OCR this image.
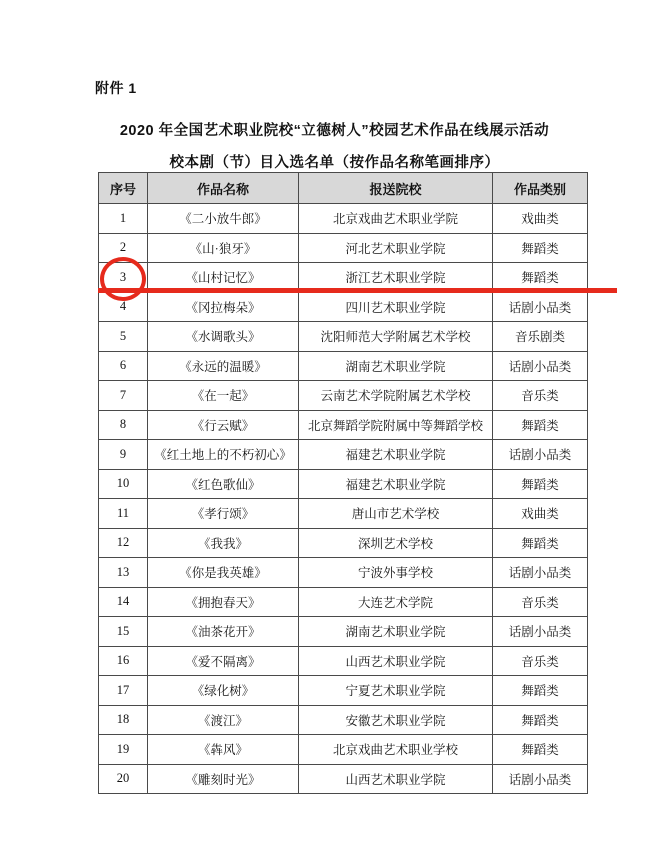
附件 1
2020 年全国艺术职业院校“立德树人”校园艺术作品在线展示活动
校本剧（节）目入选名单（按作品名称笔画排序）
序号	作品名称	报送院校	作品类别
1	《二小放牛郎》	北京戏曲艺术职业学院	戏曲类
2	《山·狼牙》	河北艺术职业学院	舞蹈类
3	《山村记忆》	浙江艺术职业学院	舞蹈类
4	《冈拉梅朵》	四川艺术职业学院	话剧小品类
5	《水调歌头》	沈阳师范大学附属艺术学校	音乐剧类
6	《永远的温暖》	湖南艺术职业学院	话剧小品类
7	《在一起》	云南艺术学院附属艺术学校	音乐类
8	《行云赋》	北京舞蹈学院附属中等舞蹈学校	舞蹈类
9	《红土地上的不朽初心》	福建艺术职业学院	话剧小品类
10	《红色歌仙》	福建艺术职业学院	舞蹈类
11	《孝行颂》	唐山市艺术学校	戏曲类
12	《我我》	深圳艺术学校	舞蹈类
13	《你是我英雄》	宁波外事学校	话剧小品类
14	《拥抱春天》	大连艺术学院	音乐类
15	《油茶花开》	湖南艺术职业学院	话剧小品类
16	《爱不隔离》	山西艺术职业学院	音乐类
17	《绿化树》	宁夏艺术职业学院	舞蹈类
18	《渡江》	安徽艺术职业学院	舞蹈类
19	《犇风》	北京戏曲艺术职业学校	舞蹈类
20	《雕刻时光》	山西艺术职业学院	话剧小品类
